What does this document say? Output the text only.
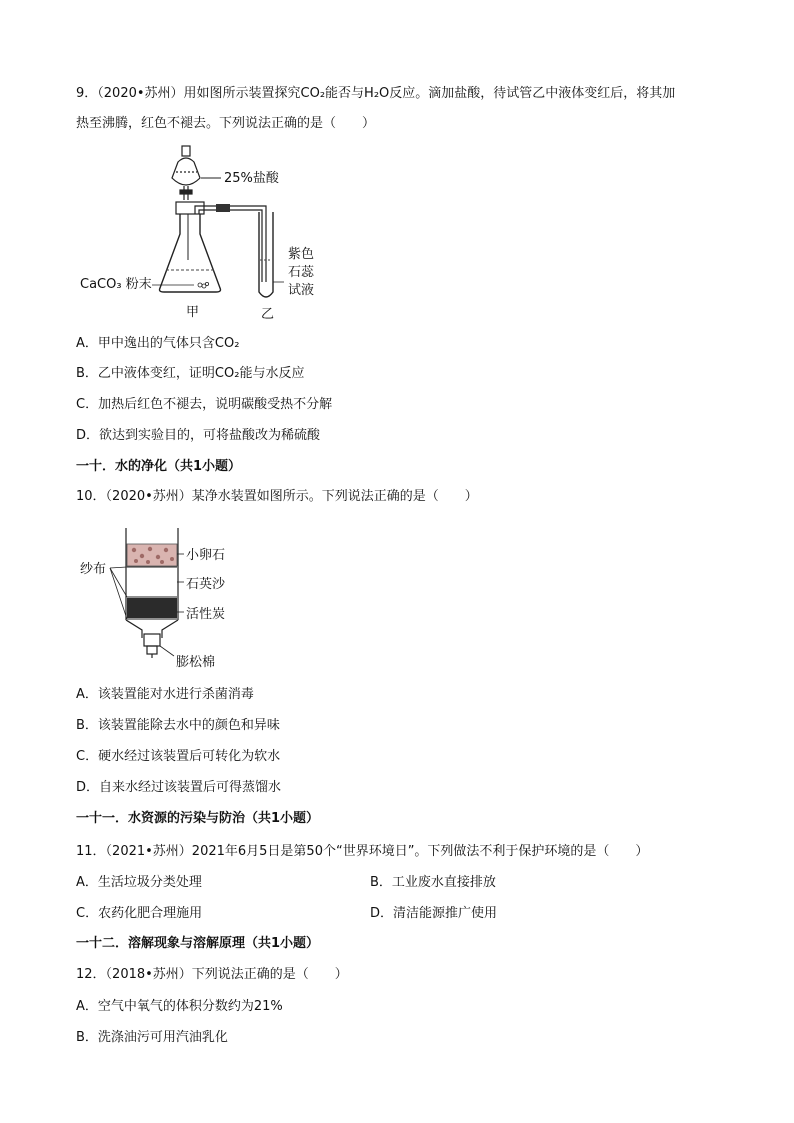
9．（2020•苏州）用如图所示装置探究CO₂能否与H₂O反应。滴加盐酸，待试管乙中液体变红后，将其加
热至沸腾，红色不褪去。下列说法正确的是（　　）
25%盐酸
CaCO₃ 粉末
甲	乙
紫色
石蕊
试液
A．甲中逸出的气体只含CO₂
B．乙中液体变红，证明CO₂能与水反应
C．加热后红色不褪去，说明碳酸受热不分解
D．欲达到实验目的，可将盐酸改为稀硫酸
一十．水的净化（共1小题）
10．（2020•苏州）某净水装置如图所示。下列说法正确的是（　　）
纱布
小卵石
石英沙
活性炭
膨松棉
A．该装置能对水进行杀菌消毒
B．该装置能除去水中的颜色和异味
C．硬水经过该装置后可转化为软水
D．自来水经过该装置后可得蒸馏水
一十一．水资源的污染与防治（共1小题）
11．（2021•苏州）2021年6月5日是第50个“世界环境日”。下列做法不利于保护环境的是（　　）
A．生活垃圾分类处理	B．工业废水直接排放
C．农药化肥合理施用	D．清洁能源推广使用
一十二．溶解现象与溶解原理（共1小题）
12．（2018•苏州）下列说法正确的是（　　）
A．空气中氧气的体积分数约为21%
B．洗涤油污可用汽油乳化
